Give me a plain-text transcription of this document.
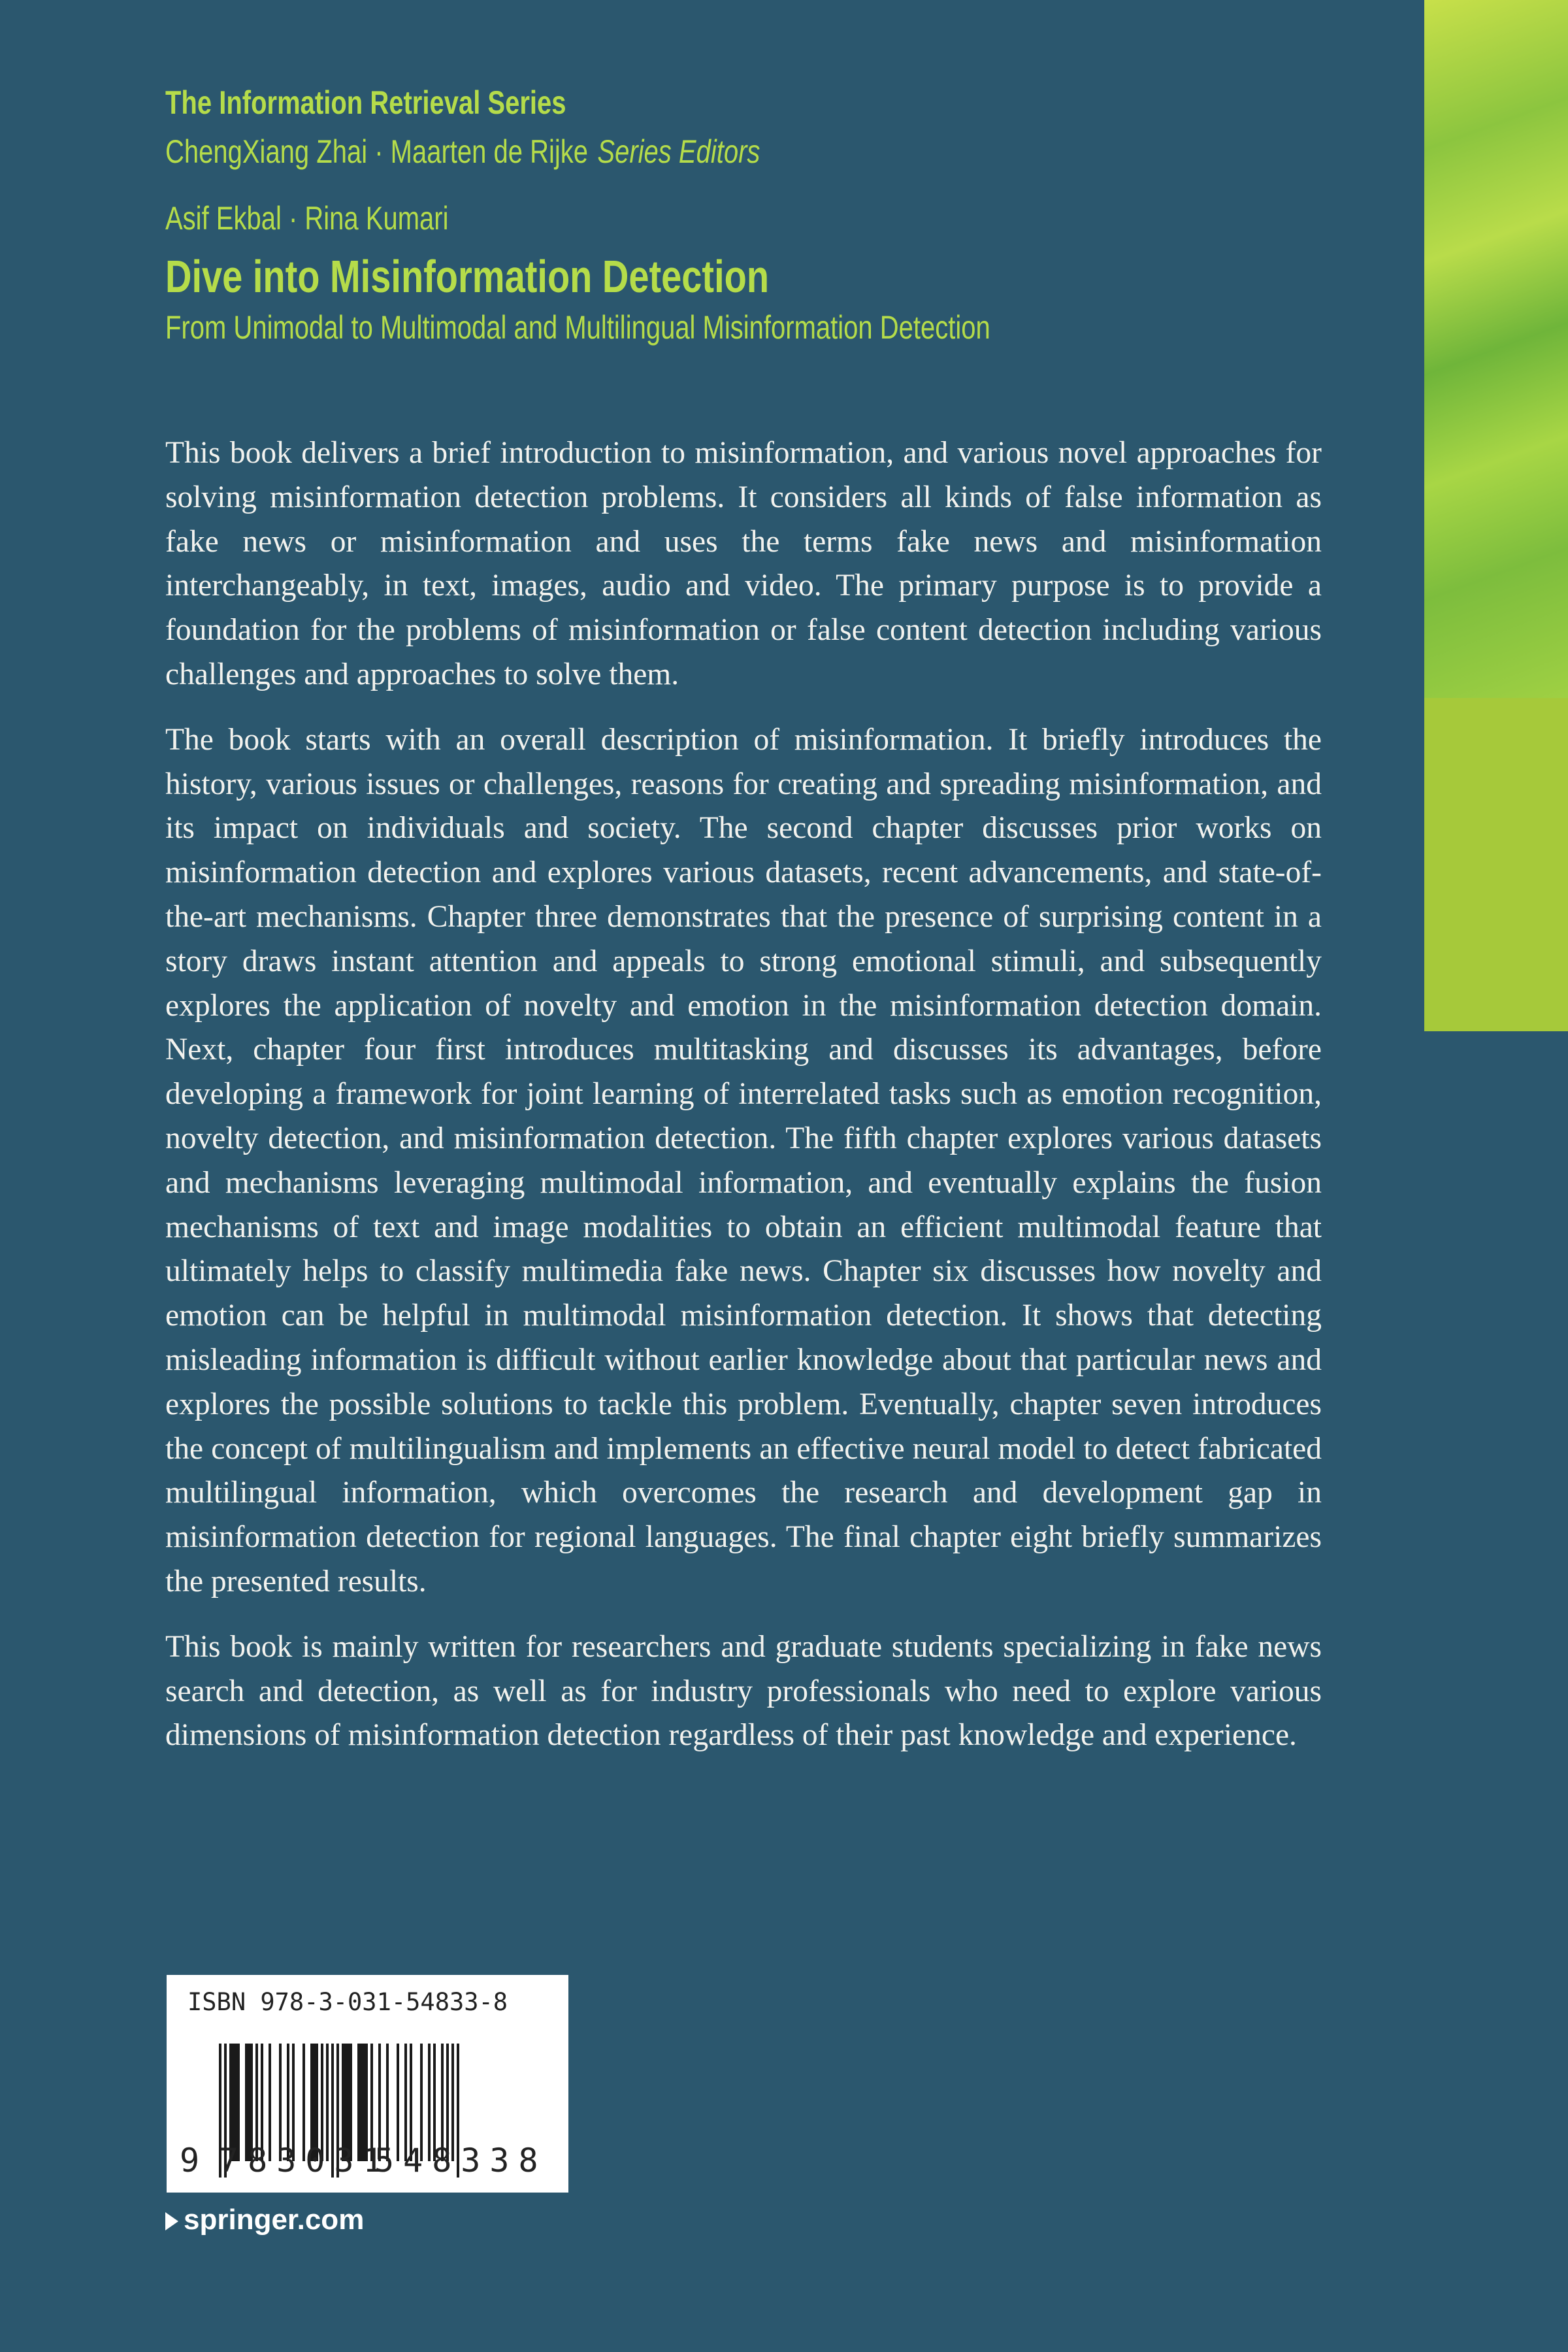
The Information Retrieval Series
ChengXiang Zhai · Maarten de Rijke Series Editors
Asif Ekbal · Rina Kumari
Dive into Misinformation Detection
From Unimodal to Multimodal and Multilingual Misinformation Detection

This book delivers a brief introduction to misinformation, and various novel approaches for solving misinformation detection problems. It considers all kinds of false information as fake news or misinformation and uses the terms fake news and misinformation interchangeably, in text, images, audio and video. The primary purpose is to provide a foundation for the problems of misinformation or false content detection including various challenges and approaches to solve them.

The book starts with an overall description of misinformation. It briefly introduces the history, various issues or challenges, reasons for creating and spreading misinformation, and its impact on individuals and society. The second chapter discusses prior works on misinformation detection and explores various datasets, recent advancements, and state-of-the-art mechanisms. Chapter three demonstrates that the presence of surprising content in a story draws instant attention and appeals to strong emotional stimuli, and subsequently explores the application of novelty and emotion in the misinformation detection domain. Next, chapter four first introduces multitasking and discusses its advantages, before developing a framework for joint learning of interrelated tasks such as emotion recognition, novelty detection, and misinformation detection. The fifth chapter explores various datasets and mechanisms leveraging multimodal information, and eventually explains the fusion mechanisms of text and image modalities to obtain an efficient multimodal feature that ultimately helps to classify multimedia fake news. Chapter six discusses how novelty and emotion can be helpful in multimodal misinformation detection. It shows that detecting misleading information is difficult without earlier knowledge about that particular news and explores the possible solutions to tackle this problem. Eventually, chapter seven introduces the concept of multilingualism and implements an effective neural model to detect fabricated multilingual information, which overcomes the research and development gap in misinformation detection for regional languages. The final chapter eight briefly summarizes the presented results.

This book is mainly written for researchers and graduate students specializing in fake news search and detection, as well as for industry professionals who need to explore various dimensions of misinformation detection regardless of their past knowledge and experience.

ISBN 978-3-031-54833-8
9 783031
548338
springer.com
